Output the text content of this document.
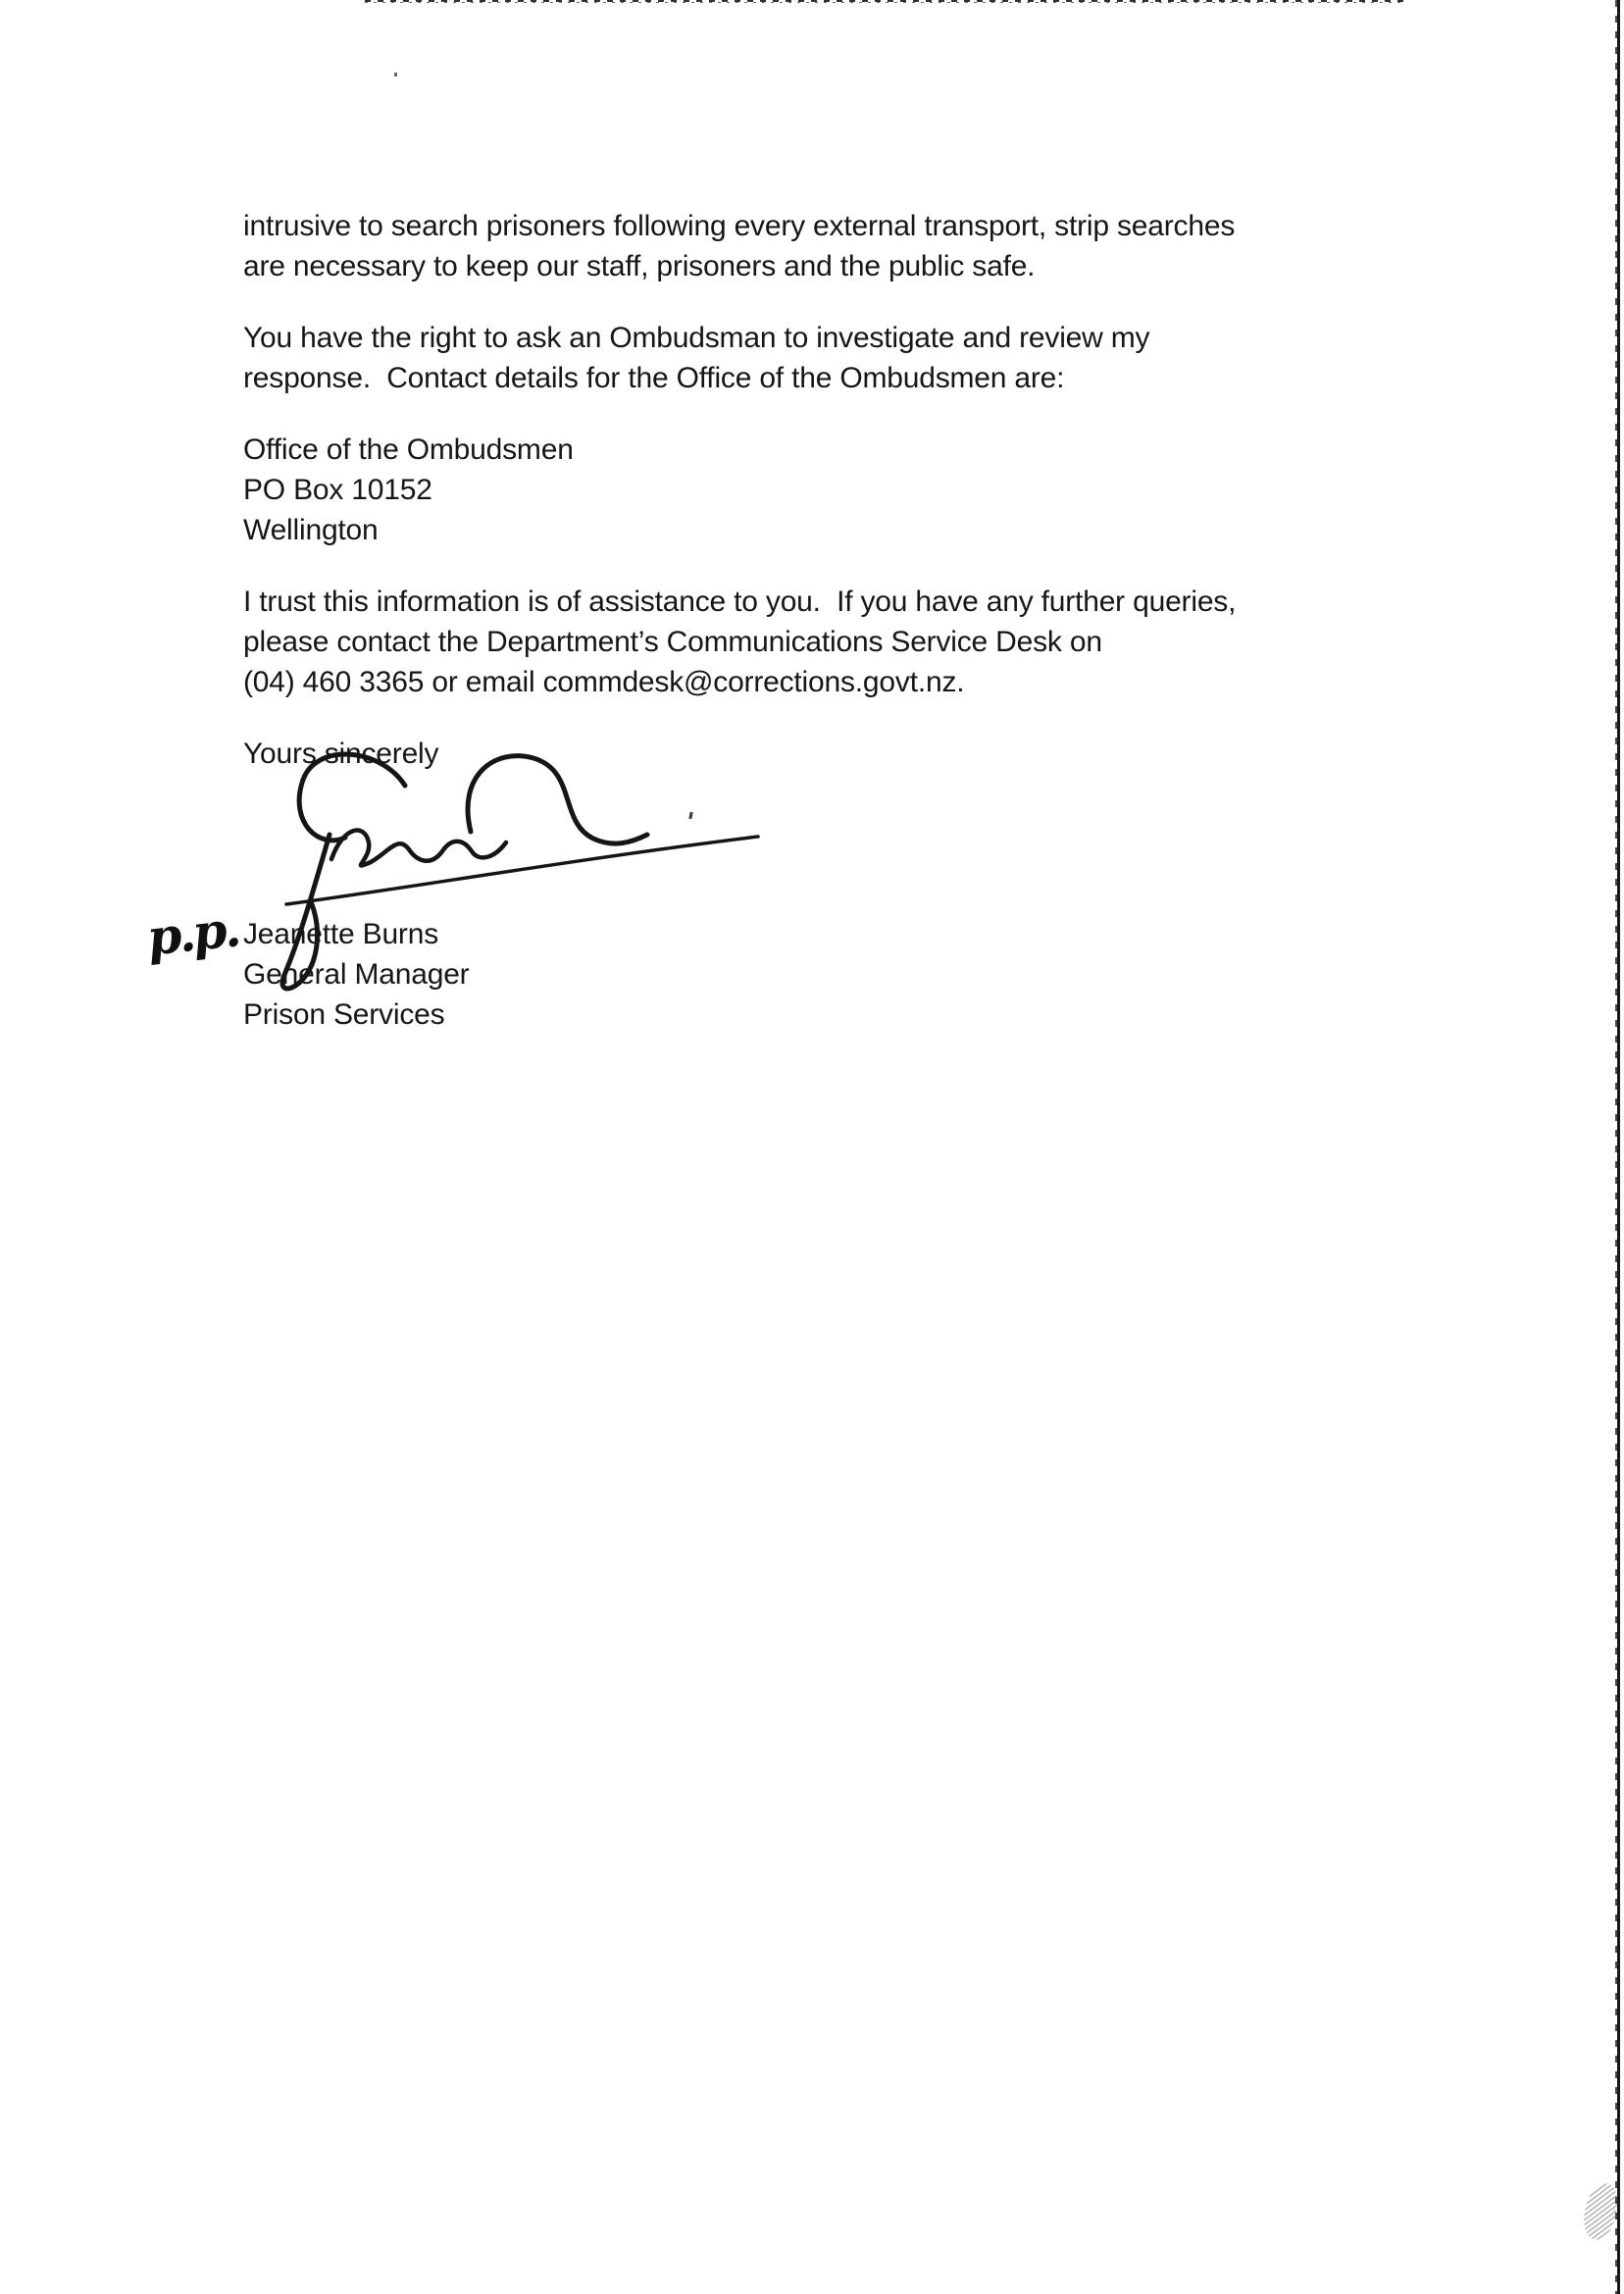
intrusive to search prisoners following every external transport, strip searches
are necessary to keep our staff, prisoners and the public safe.
You have the right to ask an Ombudsman to investigate and review my
response.  Contact details for the Office of the Ombudsmen are:
Office of the Ombudsmen
PO Box 10152
Wellington
I trust this information is of assistance to you.  If you have any further queries,
please contact the Department’s Communications Service Desk on
(04) 460 3365 or email commdesk@corrections.govt.nz.
Yours sincerely
p.p. Jeanette Burns
General Manager
Prison Services
